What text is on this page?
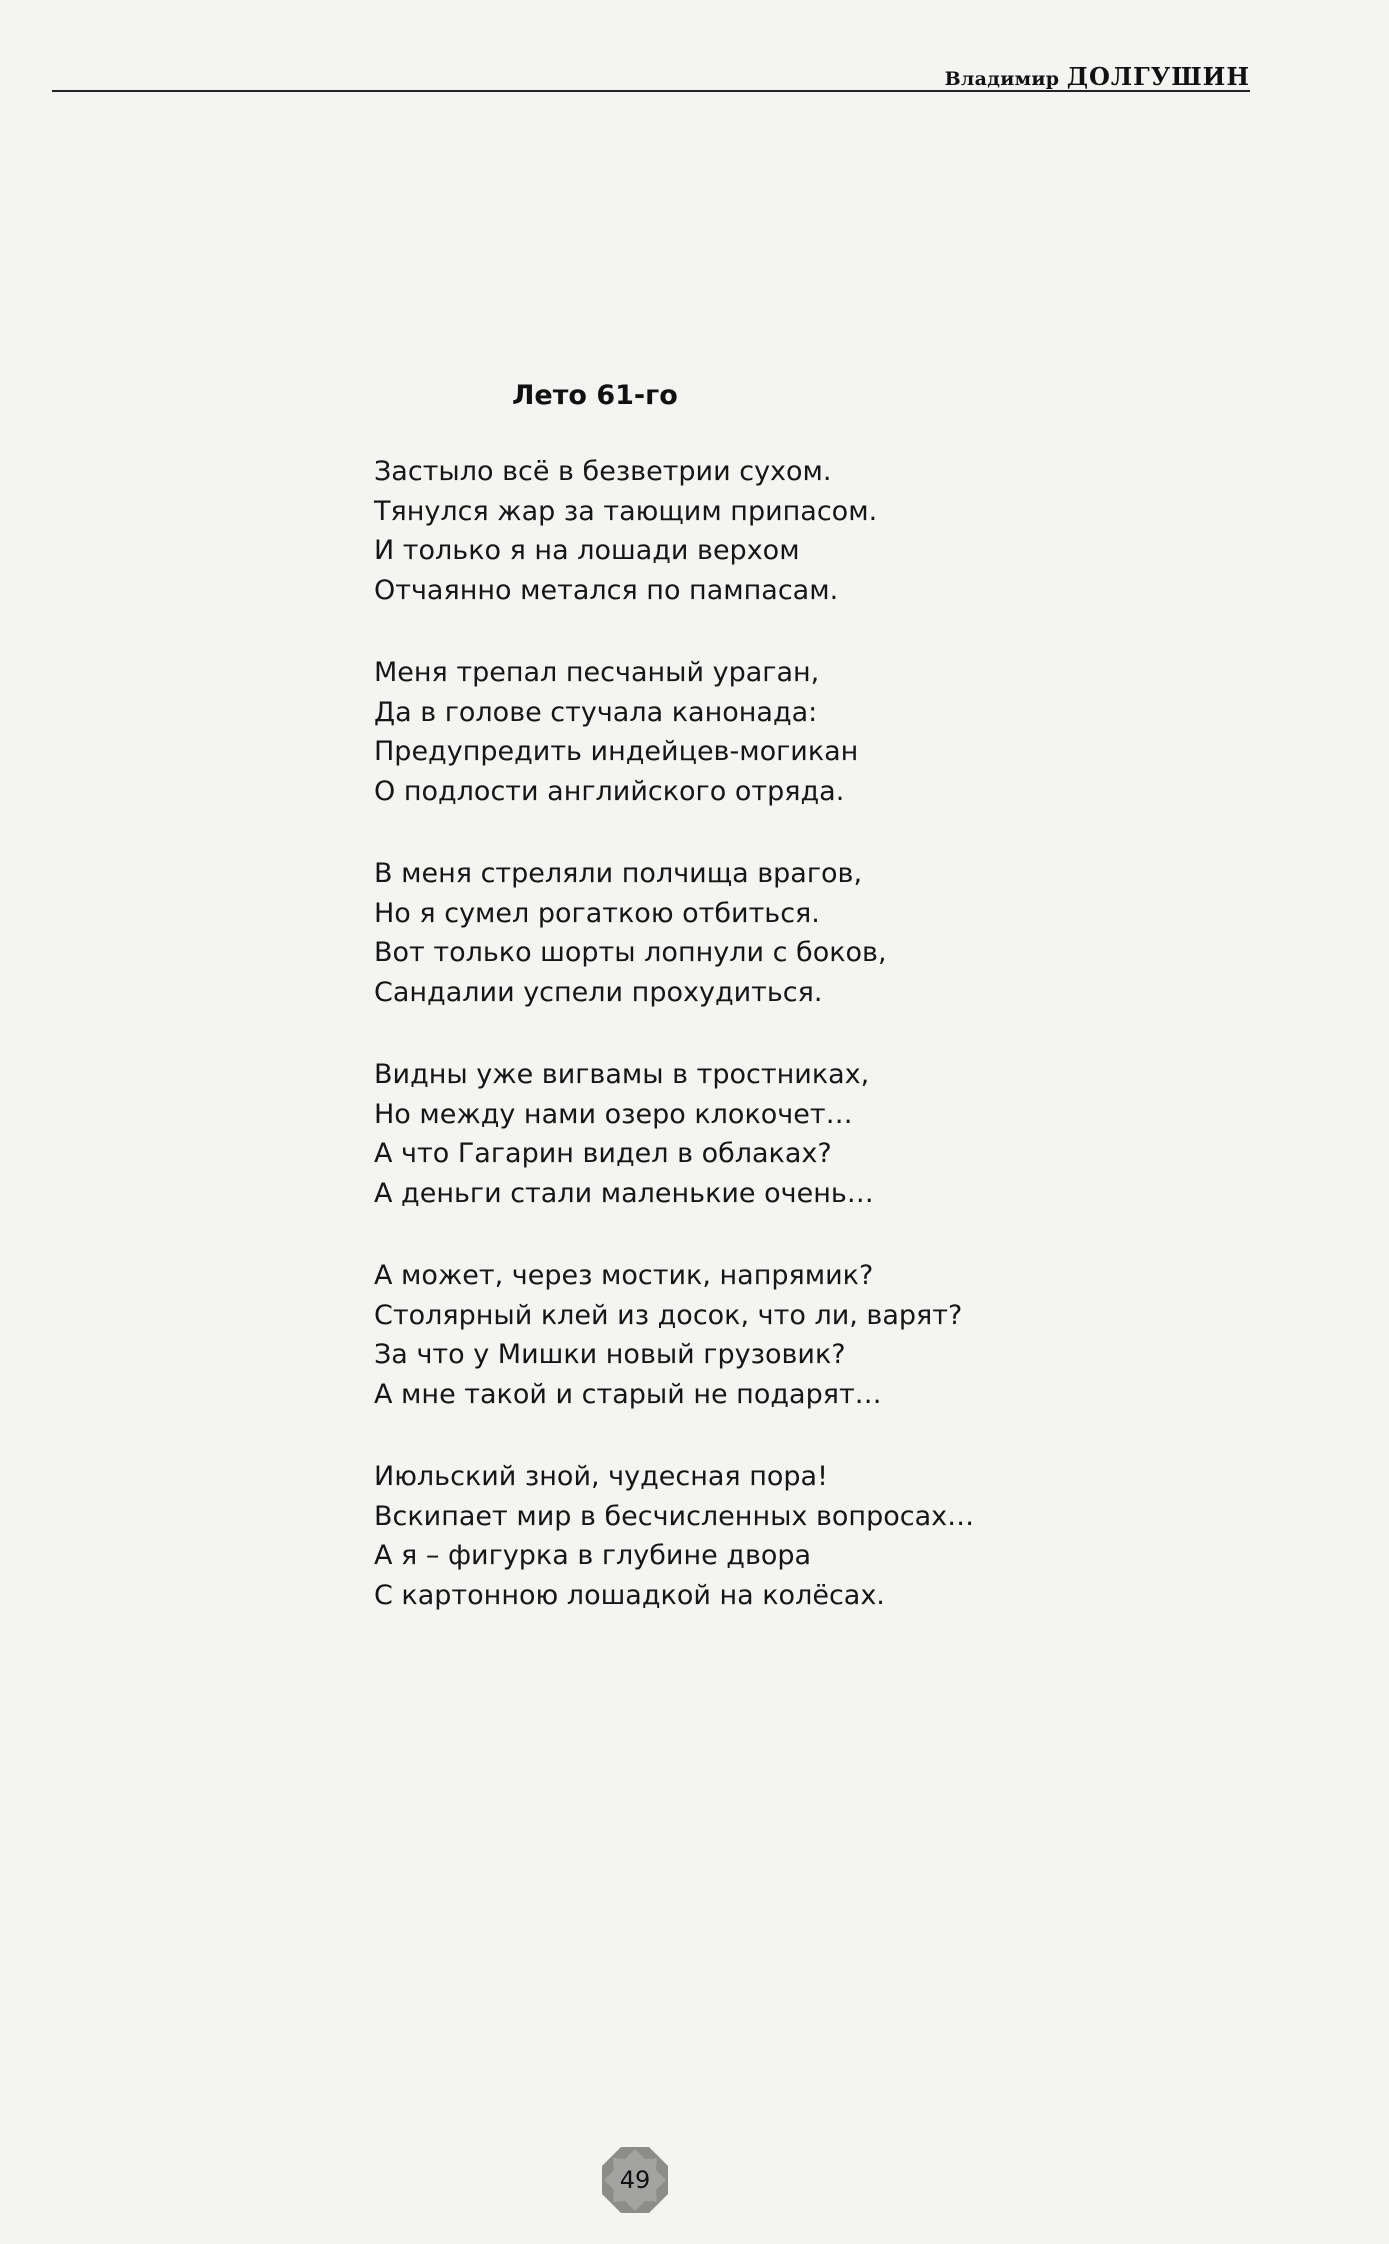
Владимир ДОЛГУШИН
Лето 61-го
Застыло всё в безветрии сухом.
Тянулся жар за тающим припасом.
И только я на лошади верхом
Отчаянно метался по пампасам.
Меня трепал песчаный ураган,
Да в голове стучала канонада:
Предупредить индейцев-могикан
О подлости английского отряда.
В меня стреляли полчища врагов,
Но я сумел рогаткою отбиться.
Вот только шорты лопнули с боков,
Сандалии успели прохудиться.
Видны уже вигвамы в тростниках,
Но между нами озеро клокочет…
А что Гагарин видел в облаках?
А деньги стали маленькие очень…
А может, через мостик, напрямик?
Столярный клей из досок, что ли, варят?
За что у Мишки новый грузовик?
А мне такой и старый не подарят…
Июльский зной, чудесная пора!
Вскипает мир в бесчисленных вопросах…
А я – фигурка в глубине двора
С картонною лошадкой на колёсах.
49
